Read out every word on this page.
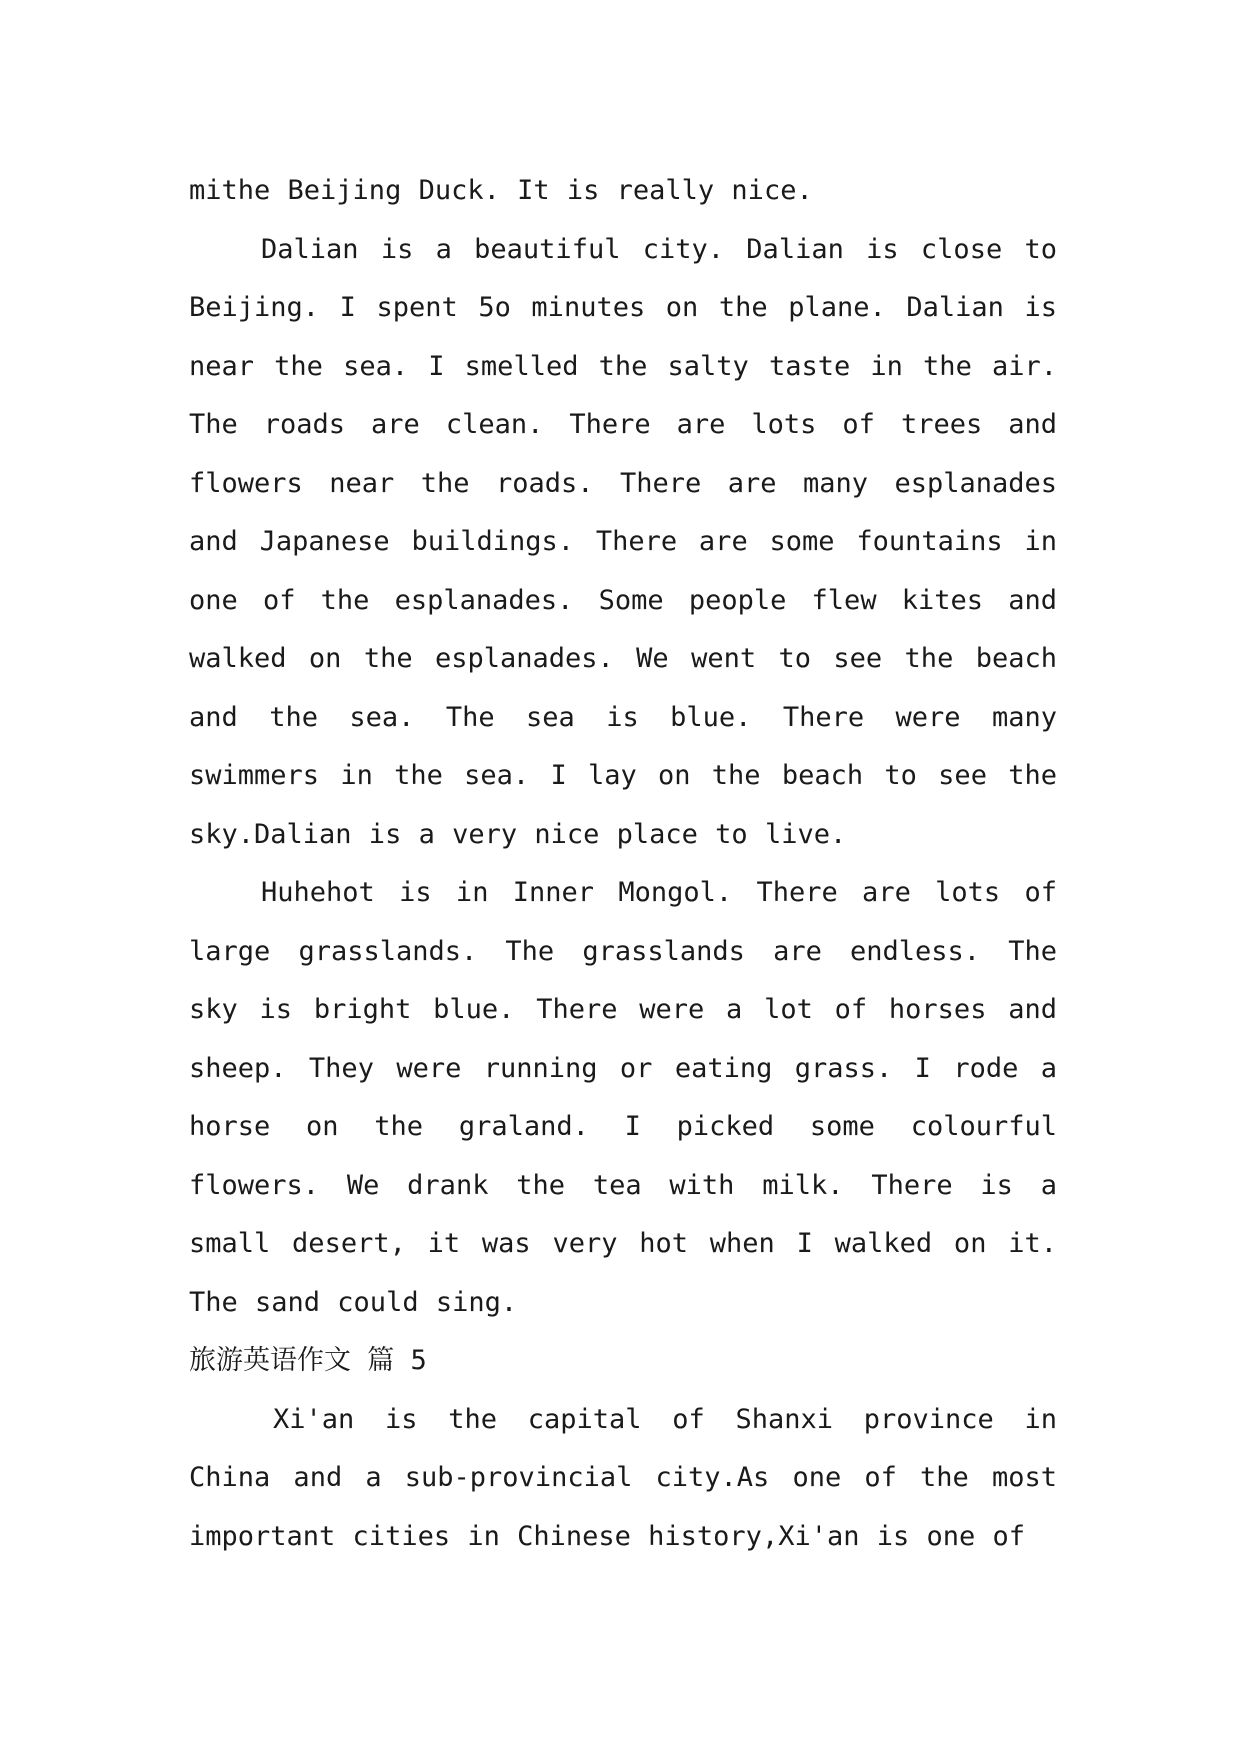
mithe Beijing Duck. It is really nice.

Dalian is a beautiful city. Dalian is close to Beijing. I spent 5o minutes on the plane. Dalian is near the sea. I smelled the salty taste in the air. The roads are clean. There are lots of trees and flowers near the roads. There are many esplanades and Japanese buildings. There are some fountains in one of the esplanades. Some people flew kites and walked on the esplanades. We went to see the beach and the sea. The sea is blue. There were many swimmers in the sea. I lay on the beach to see the sky.Dalian is a very nice place to live.

Huhehot is in Inner Mongol. There are lots of large grasslands. The grasslands are endless. The sky is bright blue. There were a lot of horses and sheep. They were running or eating grass. I rode a horse on the graland. I picked some colourful flowers. We drank the tea with milk. There is a small desert, it was very hot when I walked on it. The sand could sing.

旅游英语作文 篇 5

Xi'an is the capital of Shanxi province in China and a sub-provincial city.As one of the most important cities in Chinese history,Xi'an is one of
